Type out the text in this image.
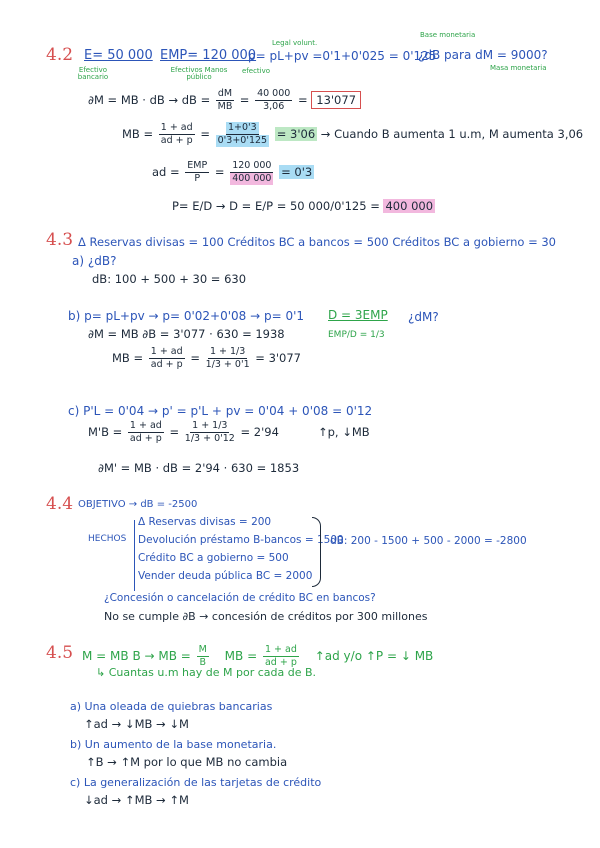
4.2 E= 50 000
Efectivo bancario
EMP= 120 000
Efectivos Manos público
Legal volunt.
p= pL+pv =0'1+0'025 = 0'125
efectivo
Base monetaria
¿dB para dM = 9000?
Masa monetaria
∂M = MB · dB → dB = $\frac{dM}{MB} = \frac{40 000}{3,06} = 13'077$
MB = $\frac{1 + ad}{ad + p} = \frac{1+0'3}{0'3+0'125} = 3'06$ → Cuando B aumenta 1 u.m, M aumenta 3,06
ad = $\frac{\text{EMP}}{P} = \frac{120 000}{400 000} = 0'3$
P= E/D → D = E/P = 50 000/0'125 = 400 000
4.3 Δ Reservas divisas = 100 Créditos BC a bancos = 500 Créditos BC a gobierno = 30
a) ¿dB?
dB: 100 + 500 + 30 = 630
b) p= pL+pv → p= 0'02+0'08 → p= 0'1 D = 3EMP ¿dM?
EMP/D = 1/3
∂M = MB ∂B = 3'077 · 630 = 1938
MB = $\frac{1 + ad}{ad + p} = \frac{1 + 1/3}{1/3 + 0'1} = 3'077$
c) P'L = 0'04 → p' = p'L + pv = 0'04 + 0'08 = 0'12
$M'B = \frac{1 + ad}{ad + p} = \frac{1 + 1/3}{1/3 + 0'12} = 2'94$	↑p, ↓MB
∂M' = MB · dB = 2'94 · 630 = 1853
4.4 OBJETIVO → dB = -2500
HECHOS
Δ Reservas divisas = 200
Devolución préstamo B-bancos = 1500
Crédito BC a gobierno = 500
Vender deuda pública BC = 2000
dB: 200 - 1500 + 500 - 2000 = -2800
¿Concesión o cancelación de crédito BC en bancos?
No se cumple ∂B → concesión de créditos por 300 millones
4.5 M = MB B → MB = $\frac{M}{B}$ MB = $\frac{1 + ad}{ad + p}$ ↑ad y/o ↑P = ↓ MB
↳ Cuantas u.m hay de M por cada de B.
a) Una oleada de quiebras bancarias
↑ad → ↓MB → ↓M
b) Un aumento de la base monetaria.
↑B → ↑M por lo que MB no cambia
c) La generalización de las tarjetas de crédito
↓ad → ↑MB → ↑M
